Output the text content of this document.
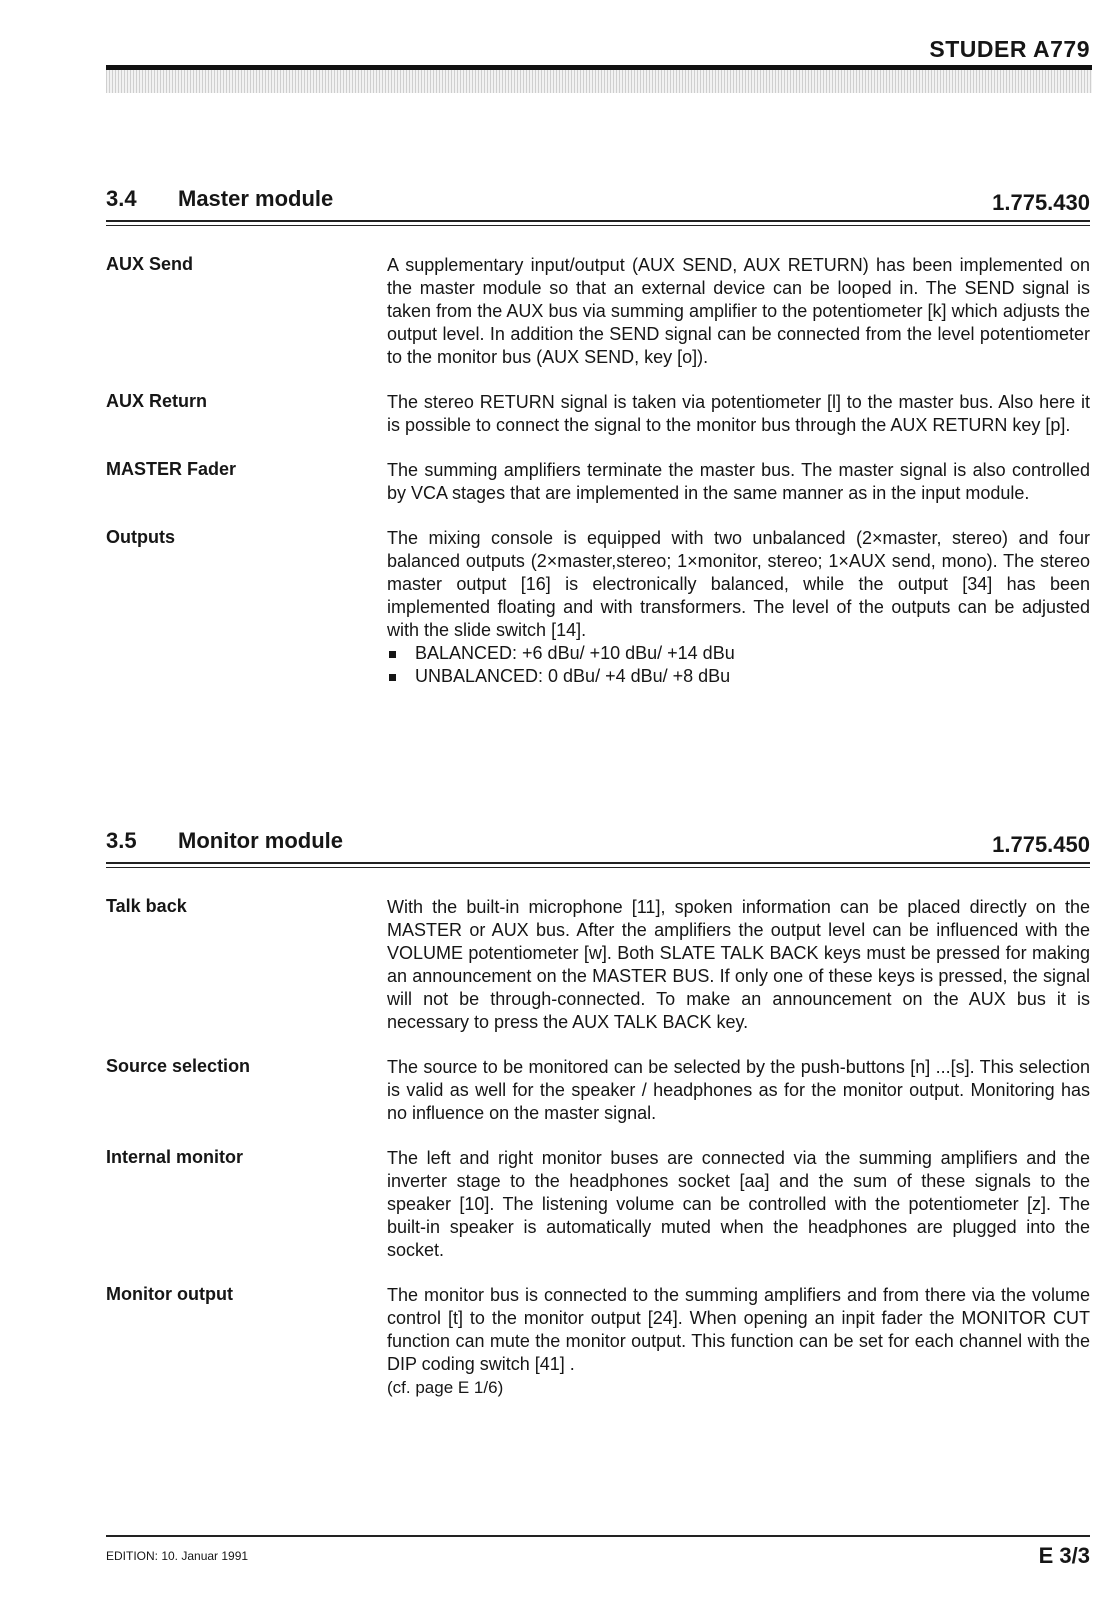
STUDER A779
3.4 Master module	1.775.430
AUX Send	A supplementary input/output (AUX SEND, AUX RETURN) has been implemented on the master module so that an external device can be looped in. The SEND signal is taken from the AUX bus via summing amplifier to the potentiometer [k] which adjusts the output level. In addition the SEND signal can be connected from the level potentiometer to the monitor bus (AUX SEND, key [o]).
AUX Return	The stereo RETURN signal is taken via potentiometer [l] to the master bus. Also here it is possible to connect the signal to the monitor bus through the AUX RETURN key [p].
MASTER Fader	The summing amplifiers terminate the master bus. The master signal is also controlled by VCA stages that are implemented in the same manner as in the input module.
Outputs	The mixing console is equipped with two unbalanced (2×master, stereo) and four balanced outputs (2×master,stereo; 1×monitor, stereo; 1×AUX send, mono). The stereo master output [16] is electronically balanced, while the output [34] has been implemented floating and with transformers. The level of the outputs can be adjusted with the slide switch [14].
BALANCED: +6 dBu/ +10 dBu/ +14 dBu
UNBALANCED: 0 dBu/ +4 dBu/ +8 dBu
3.5 Monitor module	1.775.450
Talk back	With the built-in microphone [11], spoken information can be placed directly on the MASTER or AUX bus. After the amplifiers the output level can be influenced with the VOLUME potentiometer [w]. Both SLATE TALK BACK keys must be pressed for making an announcement on the MASTER BUS. If only one of these keys is pressed, the signal will not be through-connected. To make an announcement on the AUX bus it is necessary to press the AUX TALK BACK key.
Source selection	The source to be monitored can be selected by the push-buttons [n] ...[s]. This selection is valid as well for the speaker / headphones as for the monitor output. Monitoring has no influence on the master signal.
Internal monitor	The left and right monitor buses are connected via the summing amplifiers and the inverter stage to the headphones socket [aa] and the sum of these signals to the speaker [10]. The listening volume can be controlled with the potentiometer [z]. The built-in speaker is automatically muted when the headphones are plugged into the socket.
Monitor output	The monitor bus is connected to the summing amplifiers and from there via the volume control [t] to the monitor output [24]. When opening an inpit fader the MONITOR CUT function can mute the monitor output. This function can be set for each channel with the DIP coding switch [41] .
(cf. page E 1/6)
EDITION: 10. Januar 1991	E 3/3
